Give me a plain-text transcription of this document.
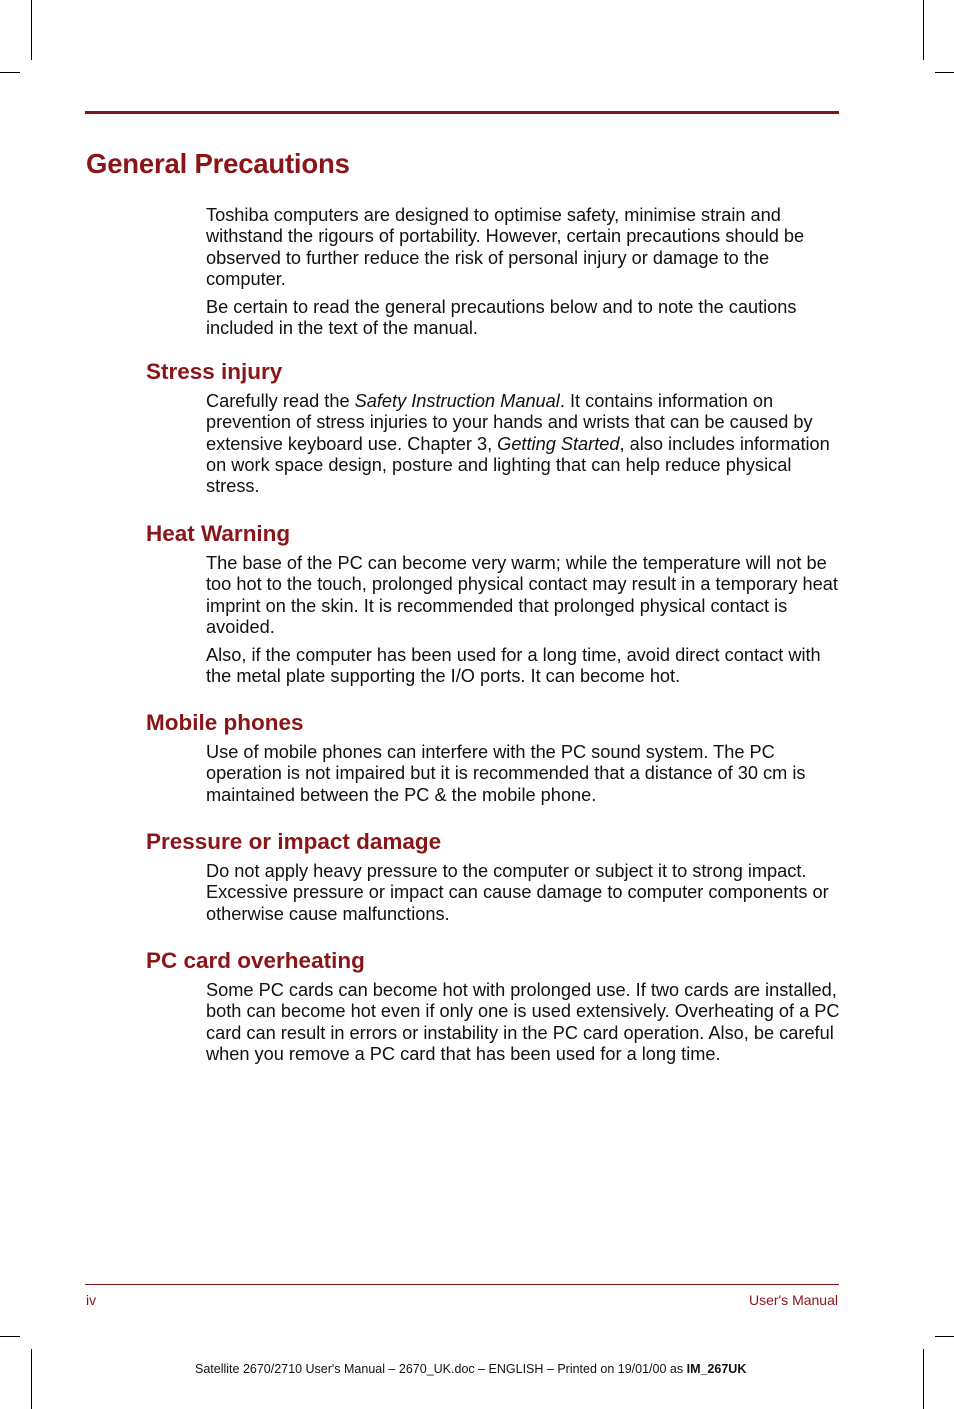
General Precautions

Toshiba computers are designed to optimise safety, minimise strain and withstand the rigours of portability. However, certain precautions should be observed to further reduce the risk of personal injury or damage to the computer.

Be certain to read the general precautions below and to note the cautions included in the text of the manual.

Stress injury

Carefully read the Safety Instruction Manual. It contains information on prevention of stress injuries to your hands and wrists that can be caused by extensive keyboard use. Chapter 3, Getting Started, also includes information on work space design, posture and lighting that can help reduce physical stress.

Heat Warning

The base of the PC can become very warm; while the temperature will not be too hot to the touch, prolonged physical contact may result in a temporary heat imprint on the skin. It is recommended that prolonged physical contact is avoided.

Also, if the computer has been used for a long time, avoid direct contact with the metal plate supporting the I/O ports. It can become hot.

Mobile phones

Use of mobile phones can interfere with the PC sound system. The PC operation is not impaired but it is recommended that a distance of 30 cm is maintained between the PC & the mobile phone.

Pressure or impact damage

Do not apply heavy pressure to the computer or subject it to strong impact. Excessive pressure or impact can cause damage to computer components or otherwise cause malfunctions.

PC card overheating

Some PC cards can become hot with prolonged use. If two cards are installed, both can become hot even if only one is used extensively. Overheating of a PC card can result in errors or instability in the PC card operation. Also, be careful when you remove a PC card that has been used for a long time.

iv	User's Manual
Satellite 2670/2710 User's Manual – 2670_UK.doc – ENGLISH – Printed on 19/01/00 as IM_267UK
